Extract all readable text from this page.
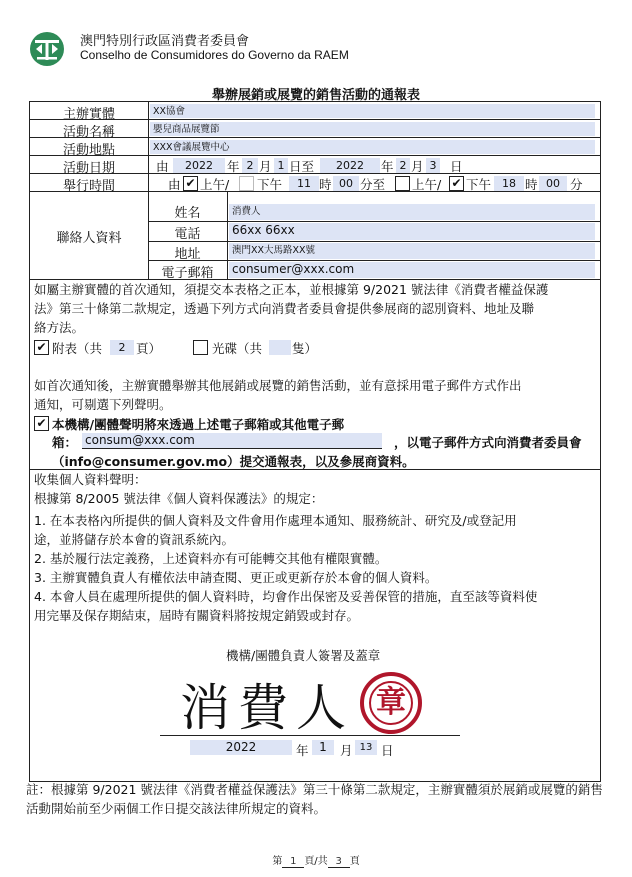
澳門特別行政區消費者委員會
Conselho de Consumidores do Governo da RAEM
舉辦展銷或展覽的銷售活動的通報表
主辦實體	XX協會
活動名稱	嬰兒商品展覽節
活動地點	XXX會議展覽中心
活動日期	由	2022	年 2 月 1 日至	2022	年 2 月 3 日
舉行時間	由 ✔ 上午/ 下午	11 時 00 分至 上午/ ✔ 下午 18 時 00 分
聯絡人資料
姓名	消費人
電話	66xx 66xx
地址	澳門XX大馬路XX號
電子郵箱	consumer@xxx.com
如屬主辦實體的首次通知，須提交本表格之正本，並根據第 9/2021 號法律《消費者權益保護
法》第三十條第二款規定，透過下列方式向消費者委員會提供參展商的認別資料、地址及聯
絡方法。
✔ 附表（共	2 頁）	光碟（共 隻）
如首次通知後，主辦實體舉辦其他展銷或展覽的銷售活動，並有意採用電子郵件方式作出
通知，可剔選下列聲明。
✔ 本機構/團體聲明將來透過上述電子郵箱或其他電子郵
箱： consum@xxx.com	，以電子郵件方式向消費者委員會
（info@consumer.gov.mo）提交通報表，以及參展商資料。
收集個人資料聲明：
根據第 8/2005 號法律《個人資料保護法》的規定：
1. 在本表格內所提供的個人資料及文件會用作處理本通知、服務統計、研究及/或登記用
途，並將儲存於本會的資訊系統內。
2. 基於履行法定義務，上述資料亦有可能轉交其他有權限實體。
3. 主辦實體負責人有權依法申請查閱、更正或更新存於本會的個人資料。
4. 本會人員在處理所提供的個人資料時，均會作出保密及妥善保管的措施，直至該等資料使
用完畢及保存期結束，屆時有關資料將按規定銷毀或封存。
機構/團體負責人簽署及蓋章
消費人 章
2022	年 1	月 13 日
註：根據第 9/2021 號法律《消費者權益保護法》第三十條第二款規定，主辦實體須於展銷或展覽的銷售活動開始前至少兩個工作日提交該法律所規定的資料。
第 1 頁/共 3 頁
